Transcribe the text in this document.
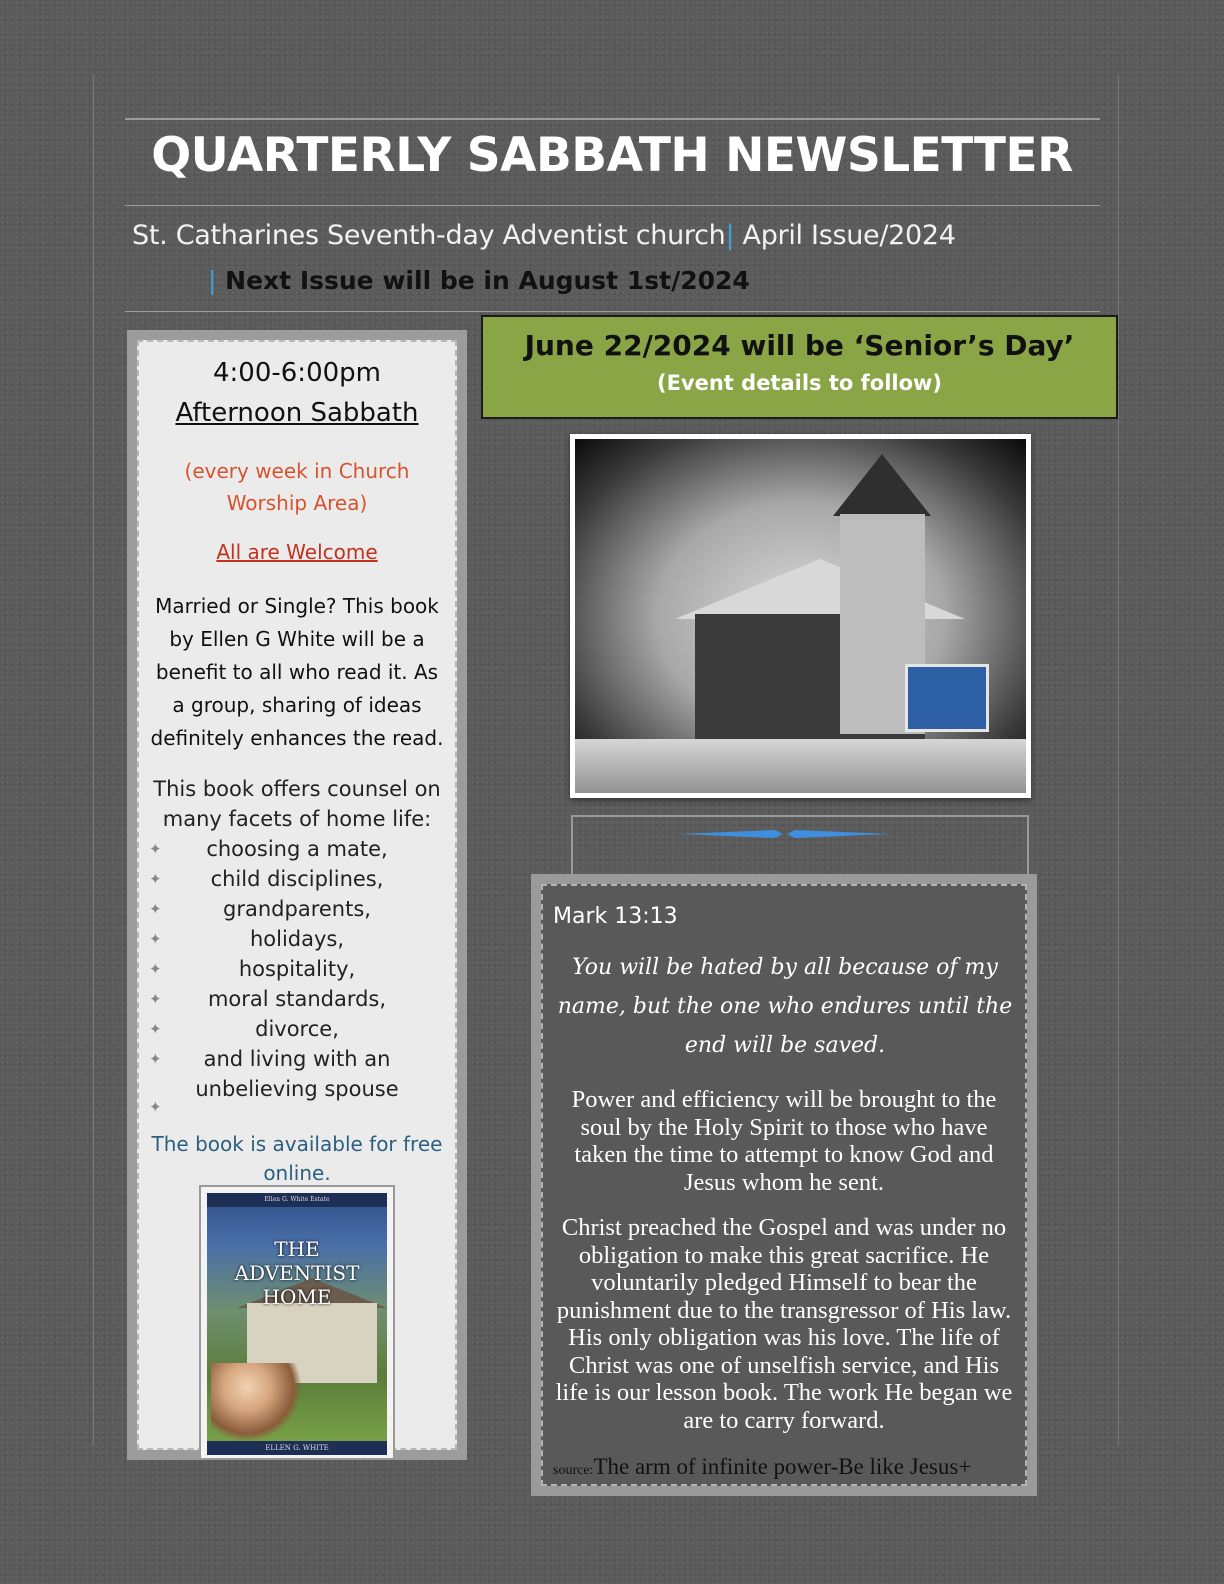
QUARTERLY SABBATH NEWSLETTER
St. Catharines Seventh-day Adventist church| April Issue/2024
| Next Issue will be in August 1st/2024
4:00-6:00pm
Afternoon Sabbath
(every week in Church Worship Area)
All are Welcome
Married or Single? This book by Ellen G White will be a benefit to all who read it. As a group, sharing of ideas definitely enhances the read.
This book offers counsel on many facets of home life:
✦ choosing a mate,
✦ child disciplines,
✦	grandparents,
✦	holidays,
✦	hospitality,
✦ moral standards,
✦	divorce,
✦ and living with an unbelieving spouse
✦
The book is available for free online.
Ellen G. White Estate
THE
ADVENTIST
HOME
ELLEN G. WHITE
June 22/2024 will be ‘Senior’s Day’
(Event details to follow)
Mark 13:13
You will be hated by all because of my name, but the one who endures until the end will be saved.
Power and efficiency will be brought to the soul by the Holy Spirit to those who have taken the time to attempt to know God and Jesus whom he sent.
Christ preached the Gospel and was under no obligation to make this great sacrifice. He voluntarily pledged Himself to bear the punishment due to the transgressor of His law. His only obligation was his love. The life of Christ was one of unselfish service, and His life is our lesson book. The work He began we are to carry forward.
source:The arm of infinite power-Be like Jesus+
